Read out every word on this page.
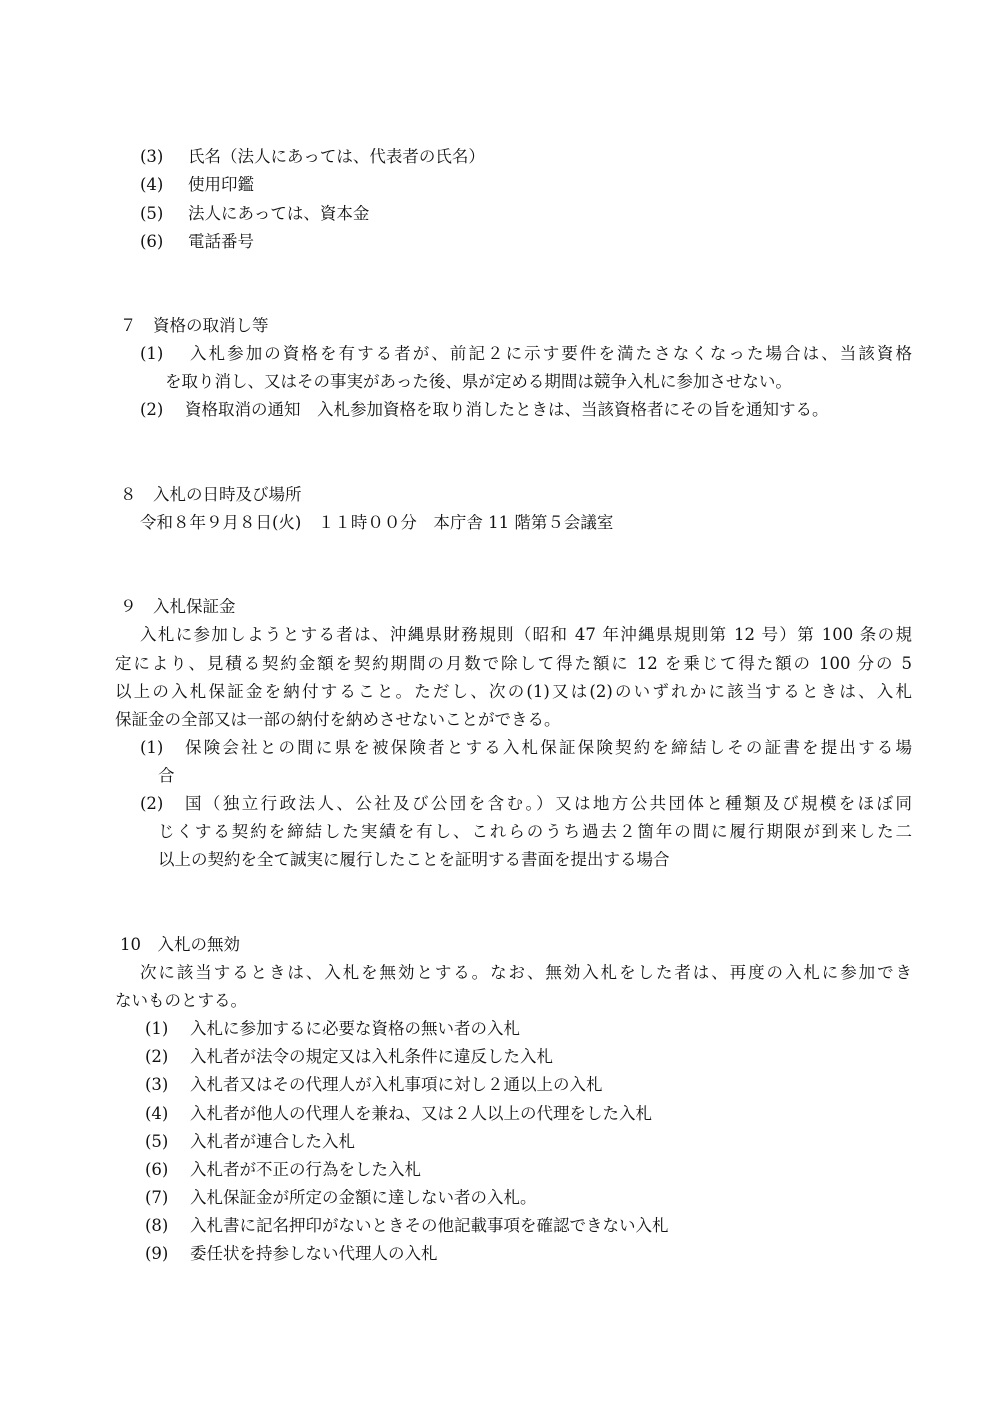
(3) 氏名（法人にあっては、代表者の氏名）
(4) 使用印鑑
(5) 法人にあっては、資本金
(6) 電話番号
７　資格の取消し等
(1) 入札参加の資格を有する者が、前記２に示す要件を満たさなくなった場合は、当該資格
を取り消し、又はその事実があった後、県が定める期間は競争入札に参加させない。
(2) 資格取消の通知　入札参加資格を取り消したときは、当該資格者にその旨を通知する。
８　入札の日時及び場所
令和８年９月８日(火)　１１時００分　本庁舎 11 階第５会議室
９　入札保証金
入札に参加しようとする者は、沖縄県財務規則（昭和 47 年沖縄県規則第 12 号）第 100 条の規
定により、見積る契約金額を契約期間の月数で除して得た額に 12 を乗じて得た額の 100 分の 5
以上の入札保証金を納付すること。ただし、次の(1)又は(2)のいずれかに該当するときは、入札
保証金の全部又は一部の納付を納めさせないことができる。
(1) 保険会社との間に県を被保険者とする入札保証保険契約を締結しその証書を提出する場
合
(2) 国（独立行政法人、公社及び公団を含む。）又は地方公共団体と種類及び規模をほぼ同
じくする契約を締結した実績を有し、これらのうち過去２箇年の間に履行期限が到来した二
以上の契約を全て誠実に履行したことを証明する書面を提出する場合
10　入札の無効
次に該当するときは、入札を無効とする。なお、無効入札をした者は、再度の入札に参加でき
ないものとする。
(1) 入札に参加するに必要な資格の無い者の入札
(2) 入札者が法令の規定又は入札条件に違反した入札
(3) 入札者又はその代理人が入札事項に対し２通以上の入札
(4) 入札者が他人の代理人を兼ね、又は２人以上の代理をした入札
(5) 入札者が連合した入札
(6) 入札者が不正の行為をした入札
(7) 入札保証金が所定の金額に達しない者の入札。
(8) 入札書に記名押印がないときその他記載事項を確認できない入札
(9) 委任状を持参しない代理人の入札
